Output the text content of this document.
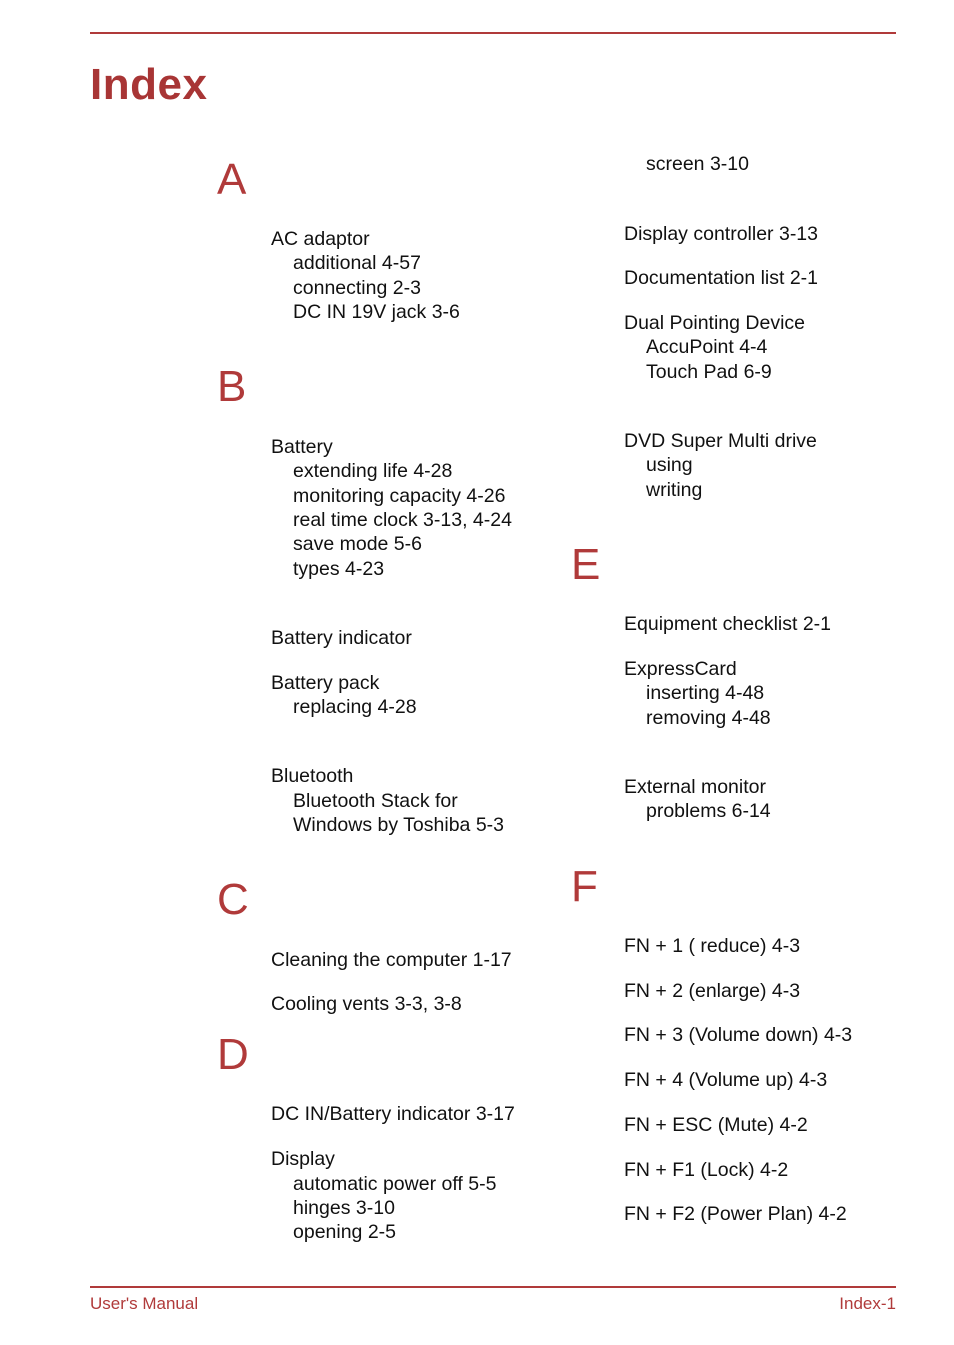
Index
A
AC adaptor
additional 4-57
connecting 2-3
DC IN 19V jack 3-6
B
Battery
extending life 4-28
monitoring capacity 4-26
real time clock 3-13, 4-24
save mode 5-6
types 4-23
Battery indicator
Battery pack
replacing 4-28
Bluetooth
Bluetooth Stack for
Windows by Toshiba 5-3
C
Cleaning the computer 1-17
Cooling vents 3-3, 3-8
D
DC IN/Battery indicator 3-17
Display
automatic power off 5-5
hinges 3-10
opening 2-5
screen 3-10
Display controller 3-13
Documentation list 2-1
Dual Pointing Device
AccuPoint 4-4
Touch Pad 6-9
DVD Super Multi drive
using
writing
E
Equipment checklist 2-1
ExpressCard
inserting 4-48
removing 4-48
External monitor
problems 6-14
F
FN + 1 ( reduce) 4-3
FN + 2 (enlarge) 4-3
FN + 3 (Volume down) 4-3
FN + 4 (Volume up) 4-3
FN + ESC (Mute) 4-2
FN + F1 (Lock) 4-2
FN + F2 (Power Plan) 4-2
User's Manual	Index-1
